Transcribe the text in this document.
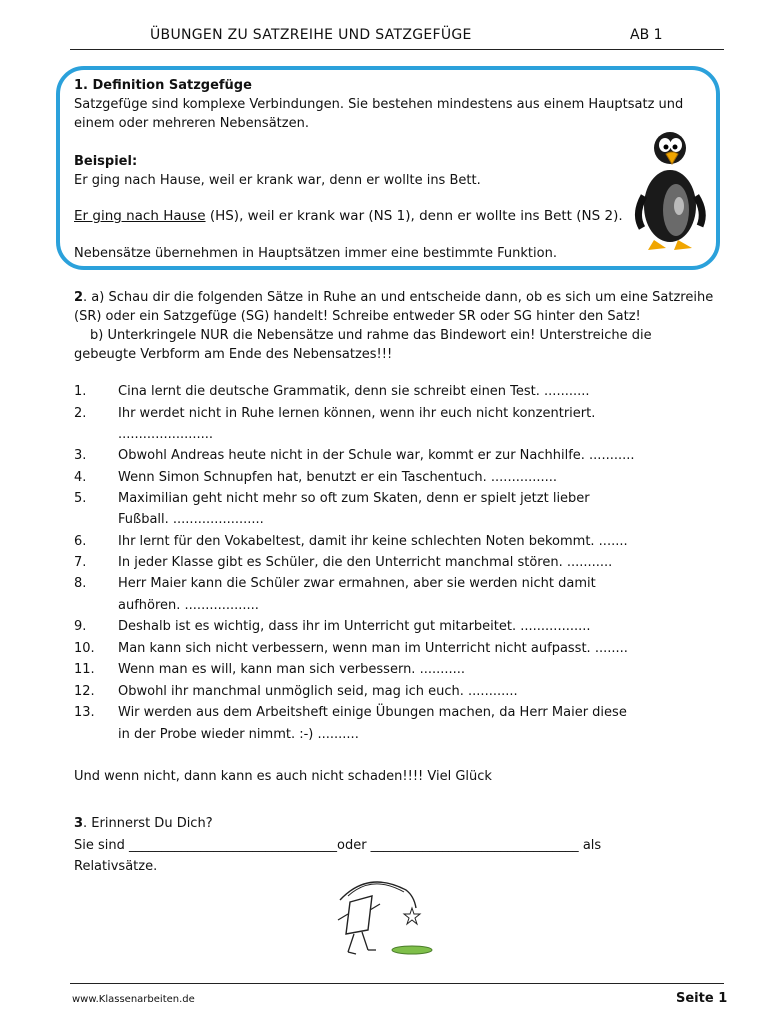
ÜBUNGEN ZU SATZREIHE UND SATZGEFÜGE	AB 1
1. Definition Satzgefüge
Satzgefüge sind komplexe Verbindungen. Sie bestehen mindestens aus einem Hauptsatz und
einem oder mehreren Nebensätzen.
Beispiel:
Er ging nach Hause, weil er krank war, denn er wollte ins Bett.
Er ging nach Hause (HS), weil er krank war (NS 1), denn er wollte ins Bett (NS 2).
Nebensätze übernehmen in Hauptsätzen immer eine bestimmte Funktion.
2. a) Schau dir die folgenden Sätze in Ruhe an und entscheide dann, ob es sich um eine Satzreihe
(SR) oder ein Satzgefüge (SG) handelt! Schreibe entweder SR oder SG hinter den Satz!
b) Unterkringele NUR die Nebensätze und rahme das Bindewort ein! Unterstreiche die
gebeugte Verbform am Ende des Nebensatzes!!!
1. Cina lernt die deutsche Grammatik, denn sie schreibt einen Test. ...........
2. Ihr werdet nicht in Ruhe lernen können, wenn ihr euch nicht konzentriert.
.......................
3. Obwohl Andreas heute nicht in der Schule war, kommt er zur Nachhilfe. ...........
4. Wenn Simon Schnupfen hat, benutzt er ein Taschentuch. ................
5. Maximilian geht nicht mehr so oft zum Skaten, denn er spielt jetzt lieber
Fußball. ......................
6. Ihr lernt für den Vokabeltest, damit ihr keine schlechten Noten bekommt. .......
7. In jeder Klasse gibt es Schüler, die den Unterricht manchmal stören. ...........
8. Herr Maier kann die Schüler zwar ermahnen, aber sie werden nicht damit
aufhören. ..................
9. Deshalb ist es wichtig, dass ihr im Unterricht gut mitarbeitet. .................
10. Man kann sich nicht verbessern, wenn man im Unterricht nicht aufpasst. ........
11. Wenn man es will, kann man sich verbessern. ...........
12. Obwohl ihr manchmal unmöglich seid, mag ich euch. ............
13. Wir werden aus dem Arbeitsheft einige Übungen machen, da Herr Maier diese
in der Probe wieder nimmt. :-) ..........
Und wenn nicht, dann kann es auch nicht schaden!!!! Viel Glück
3. Erinnerst Du Dich?
Sie sind ________________________________oder ________________________________ als
Relativsätze.
www.Klassenarbeiten.de	Seite 1
